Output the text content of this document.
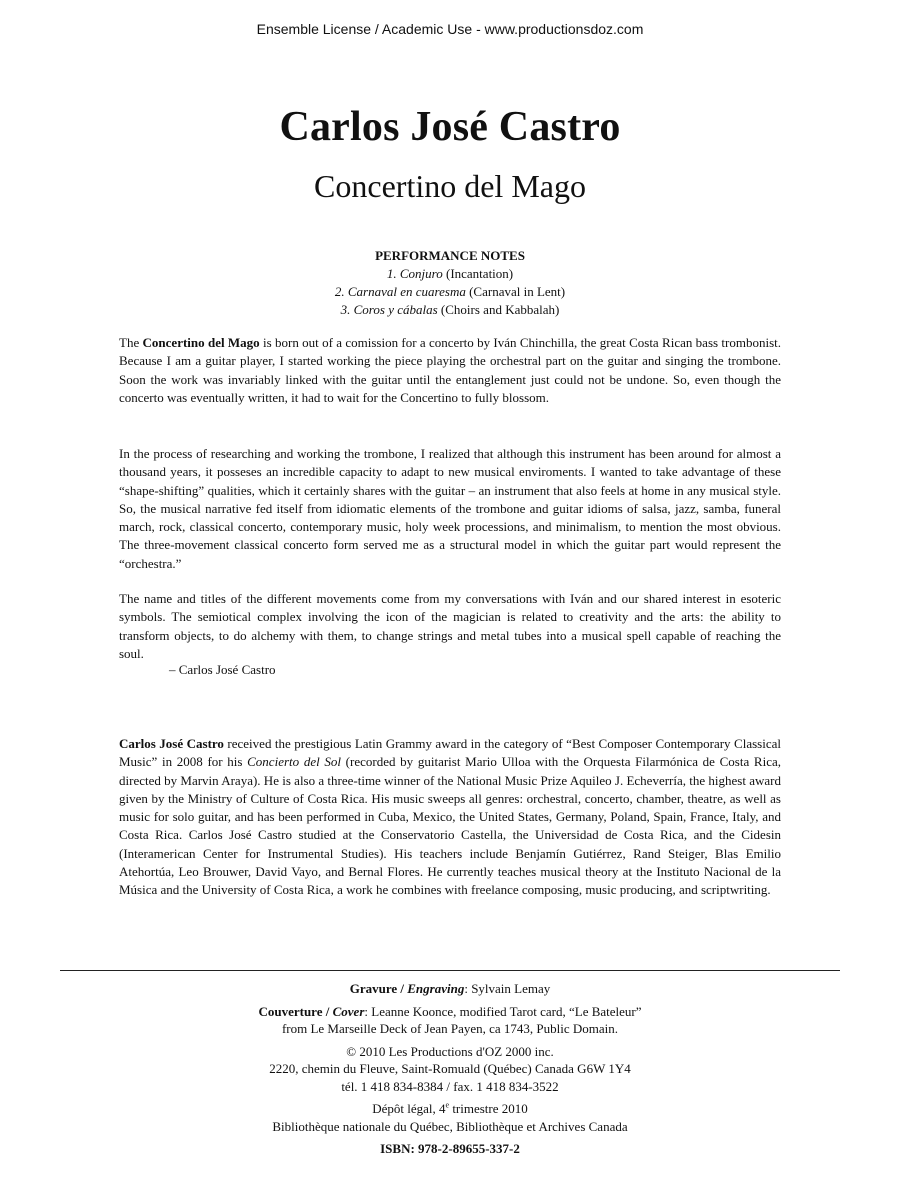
Ensemble License / Academic Use - www.productionsdoz.com
Carlos José Castro
Concertino del Mago
PERFORMANCE NOTES
1. Conjuro (Incantation)
2. Carnaval en cuaresma (Carnaval in Lent)
3. Coros y cábalas (Choirs and Kabbalah)

The Concertino del Mago is born out of a comission for a concerto by Iván Chinchilla, the great Costa Rican bass trombonist. Because I am a guitar player, I started working the piece playing the orchestral part on the guitar and singing the trombone. Soon the work was invariably linked with the guitar until the entanglement just could not be undone. So, even though the concerto was eventually written, it had to wait for the Concertino to fully blossom.

In the process of researching and working the trombone, I realized that although this instrument has been around for almost a thousand years, it posseses an incredible capacity to adapt to new musical enviroments. I wanted to take advantage of these “shape-shifting” qualities, which it certainly shares with the guitar – an instrument that also feels at home in any musical style. So, the musical narrative fed itself from idiomatic elements of the trombone and guitar idioms of salsa, jazz, samba, funeral march, rock, classical concerto, contemporary music, holy week processions, and minimalism, to mention the most obvious. The three-movement classical concerto form served me as a structural model in which the guitar part would represent the “orchestra.”

The name and titles of the different movements come from my conversations with Iván and our shared interest in esoteric symbols. The semiotical complex involving the icon of the magician is related to creativity and the arts: the ability to transform objects, to do alchemy with them, to change strings and metal tubes into a musical spell capable of reaching the soul.

– Carlos José Castro

Carlos José Castro received the prestigious Latin Grammy award in the category of “Best Composer Contemporary Classical Music” in 2008 for his Concierto del Sol (recorded by guitarist Mario Ulloa with the Orquesta Filarmónica de Costa Rica, directed by Marvin Araya). He is also a three-time winner of the National Music Prize Aquileo J. Echeverría, the highest award given by the Ministry of Culture of Costa Rica. His music sweeps all genres: orchestral, concerto, chamber, theatre, as well as music for solo guitar, and has been performed in Cuba, Mexico, the United States, Germany, Poland, Spain, France, Italy, and Costa Rica. Carlos José Castro studied at the Conservatorio Castella, the Universidad de Costa Rica, and the Cidesin (Interamerican Center for Instrumental Studies). His teachers include Benjamín Gutiérrez, Rand Steiger, Blas Emilio Atehortúa, Leo Brouwer, David Vayo, and Bernal Flores. He currently teaches musical theory at the Instituto Nacional de la Música and the University of Costa Rica, a work he combines with freelance composing, music producing, and scriptwriting.

Gravure / Engraving: Sylvain Lemay
Couverture / Cover: Leanne Koonce, modified Tarot card, “Le Bateleur”
from Le Marseille Deck of Jean Payen, ca 1743, Public Domain.
© 2010 Les Productions d'OZ 2000 inc.
2220, chemin du Fleuve, Saint-Romuald (Québec) Canada G6W 1Y4
tél. 1 418 834-8384 / fax. 1 418 834-3522
Dépôt légal, 4e trimestre 2010
Bibliothèque nationale du Québec, Bibliothèque et Archives Canada
ISBN: 978-2-89655-337-2
